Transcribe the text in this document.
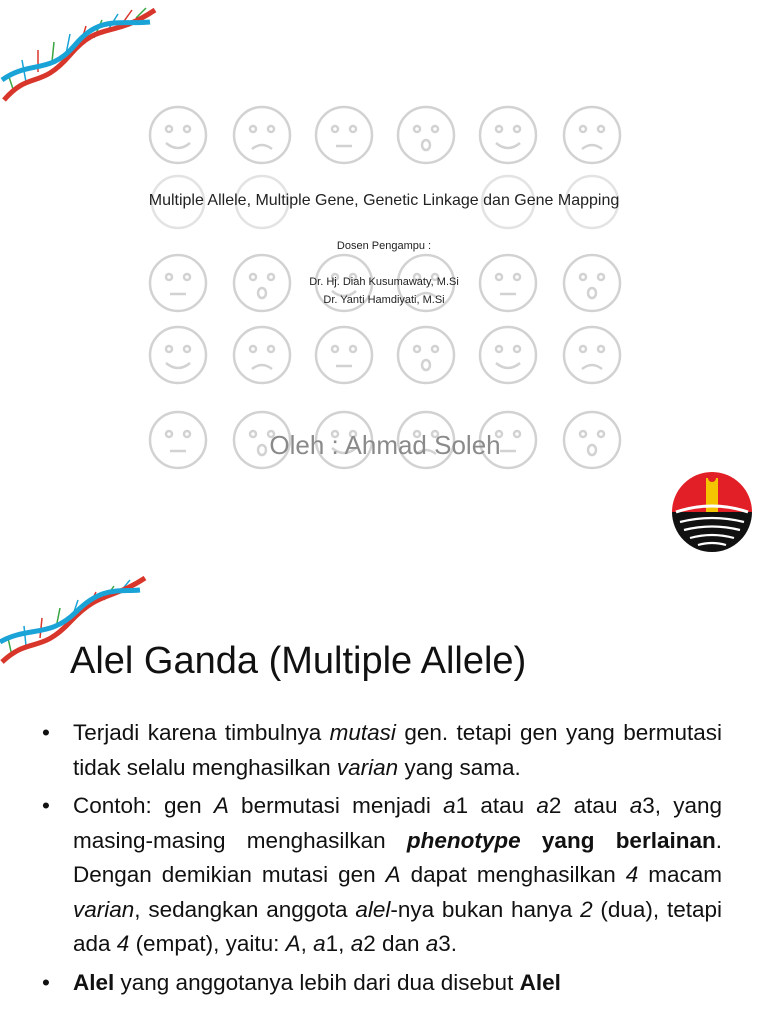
Multiple Allele, Multiple Gene, Genetic Linkage dan Gene Mapping
Dosen Pengampu :
Dr. Hj. Diah Kusumawaty, M.Si
Dr. Yanti Hamdiyati, M.Si
Oleh : Ahmad Soleh
Alel Ganda (Multiple Allele)
• Terjadi karena timbulnya mutasi gen. tetapi gen yang bermutasi tidak selalu menghasilkan varian yang sama.
• Contoh: gen A bermutasi menjadi a1 atau a2 atau a3, yang masing-masing menghasilkan phenotype yang berlainan. Dengan demikian mutasi gen A dapat menghasilkan 4 macam varian, sedangkan anggota alel-nya bukan hanya 2 (dua), tetapi ada 4 (empat), yaitu: A, a1, a2 dan a3.
• Alel yang anggotanya lebih dari dua disebut Alel
